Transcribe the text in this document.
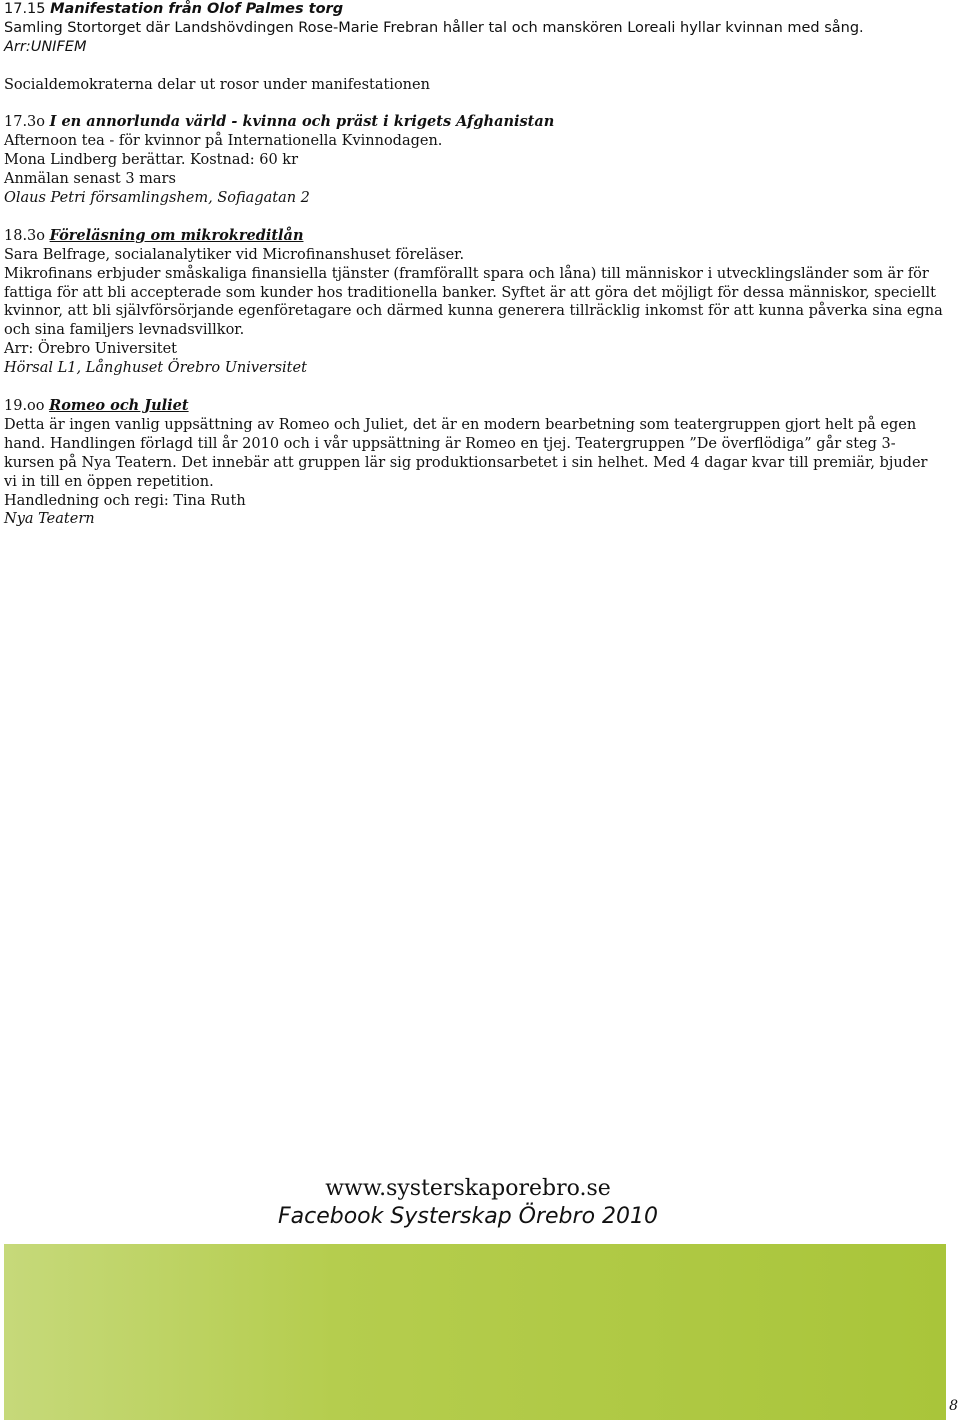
17.15 Manifestation från Olof Palmes torg
Samling Stortorget där Landshövdingen Rose-Marie Frebran håller tal och manskören Loreali hyllar kvinnan med sång.
Arr:UNIFEM
Socialdemokraterna delar ut rosor under manifestationen
17.3o I en annorlunda värld - kvinna och präst i krigets Afghanistan
Afternoon tea - för kvinnor på Internationella Kvinnodagen.
Mona Lindberg berättar. Kostnad: 60 kr
Anmälan senast 3 mars
Olaus Petri församlingshem, Sofiagatan 2
18.3o Föreläsning om mikrokreditlån
Sara Belfrage, socialanalytiker vid Microfinanshuset föreläser.
Mikrofinans erbjuder småskaliga finansiella tjänster (framförallt spara och låna) till människor i utvecklingsländer som är för fattiga för att bli accepterade som kunder hos traditionella banker. Syftet är att göra det möjligt för dessa människor, speciellt kvinnor, att bli självförsörjande egenföretagare och därmed kunna generera tillräcklig inkomst för att kunna påverka sina egna och sina familjers levnadsvillkor.
Arr: Örebro Universitet
Hörsal L1, Långhuset Örebro Universitet
19.oo Romeo och Juliet
Detta är ingen vanlig uppsättning av Romeo och Juliet, det är en modern bearbetning som teatergruppen gjort helt på egen hand. Handlingen förlagd till år 2010 och i vår uppsättning är Romeo en tjej. Teatergruppen ”De överflödiga” går steg 3-kursen på Nya Teatern. Det innebär att gruppen lär sig produktionsarbetet i sin helhet. Med 4 dagar kvar till premiär, bjuder vi in till en öppen repetition.
Handledning och regi: Tina Ruth
Nya Teatern
www.systerskaporebro.se
Facebook Systerskap Örebro 2010
8
